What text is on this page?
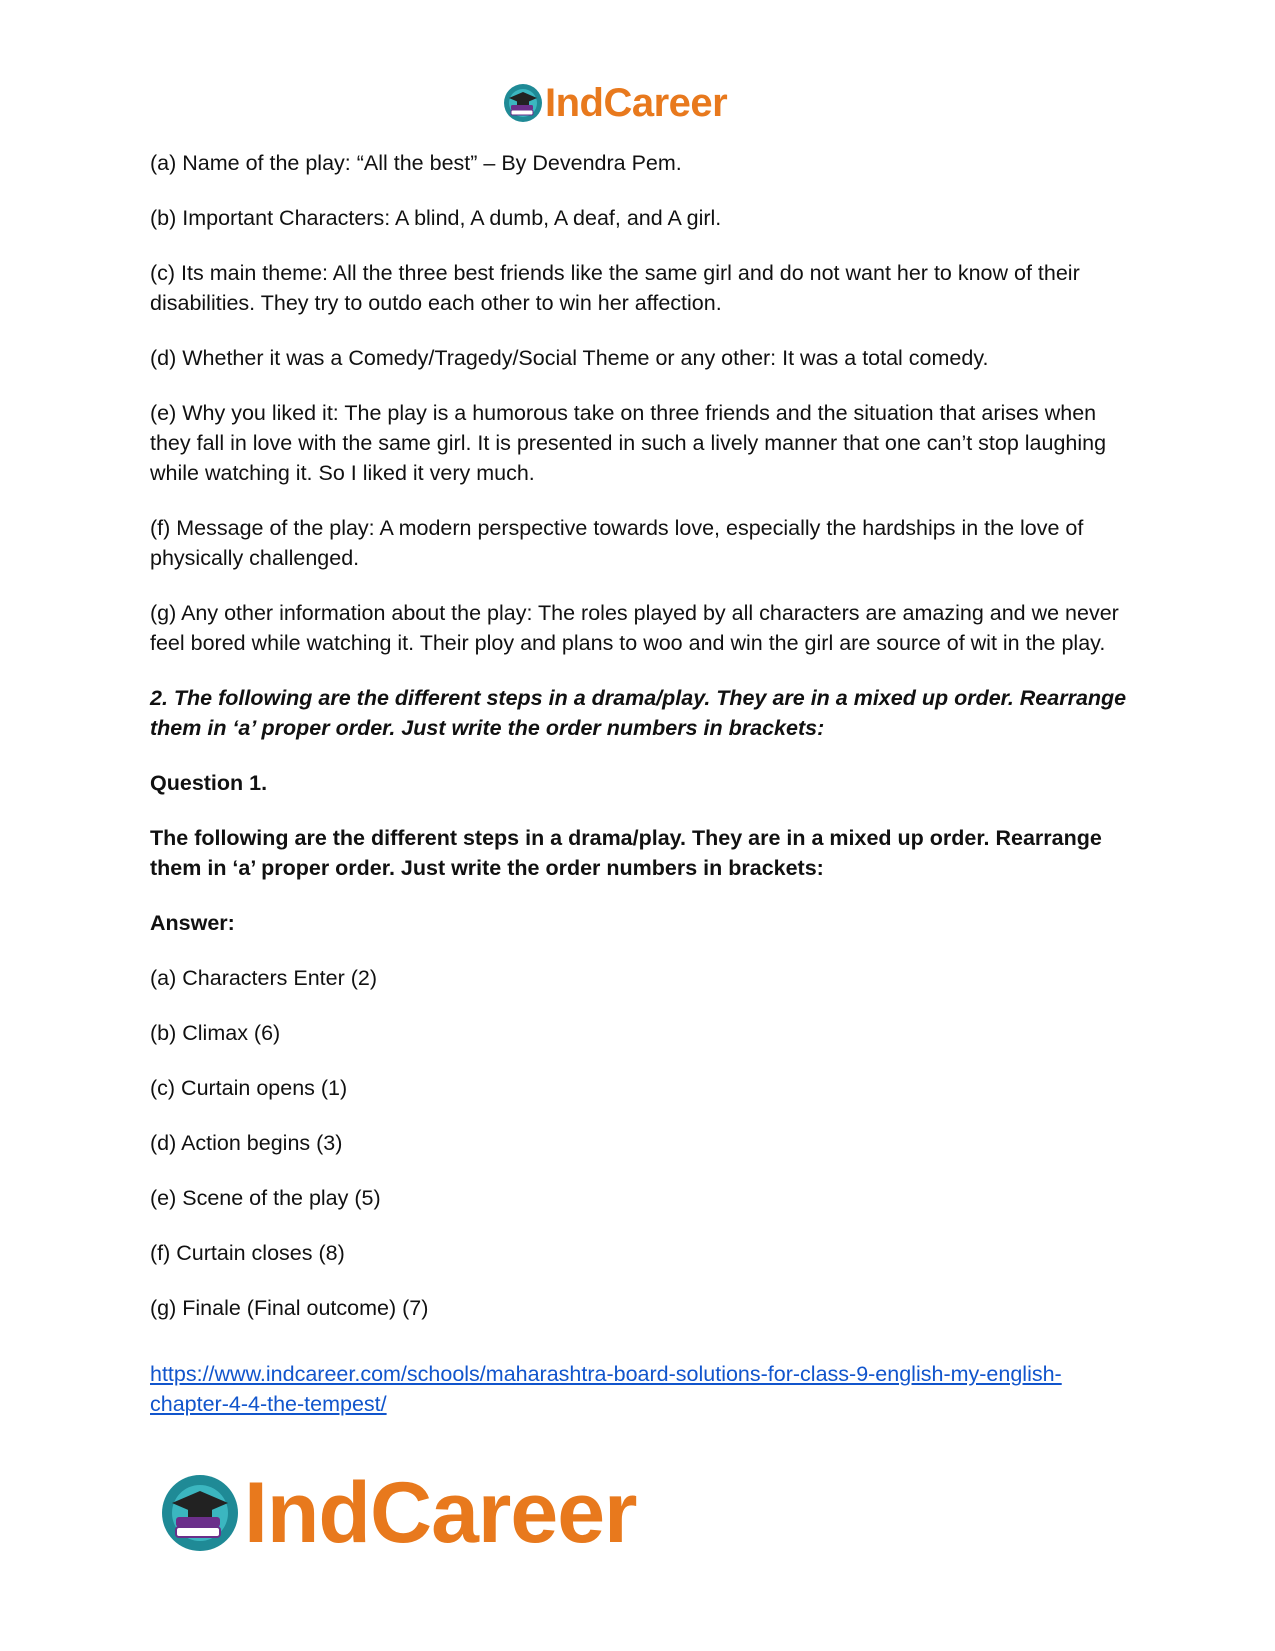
IndCareer

(a) Name of the play: “All the best” – By Devendra Pem.

(b) Important Characters: A blind, A dumb, A deaf, and A girl.

(c) Its main theme: All the three best friends like the same girl and do not want her to know of their disabilities. They try to outdo each other to win her affection.

(d) Whether it was a Comedy/Tragedy/Social Theme or any other: It was a total comedy.

(e) Why you liked it: The play is a humorous take on three friends and the situation that arises when they fall in love with the same girl. It is presented in such a lively manner that one can’t stop laughing while watching it. So I liked it very much.

(f) Message of the play: A modern perspective towards love, especially the hardships in the love of physically challenged.

(g) Any other information about the play: The roles played by all characters are amazing and we never feel bored while watching it. Their ploy and plans to woo and win the girl are source of wit in the play.

2. The following are the different steps in a drama/play. They are in a mixed up order. Rearrange them in ‘a’ proper order. Just write the order numbers in brackets:

Question 1.

The following are the different steps in a drama/play. They are in a mixed up order. Rearrange them in ‘a’ proper order. Just write the order numbers in brackets:

Answer:

(a) Characters Enter (2)

(b) Climax (6)

(c) Curtain opens (1)

(d) Action begins (3)

(e) Scene of the play (5)

(f) Curtain closes (8)

(g) Finale (Final outcome) (7)

https://www.indcareer.com/schools/maharashtra-board-solutions-for-class-9-english-my-english-chapter-4-4-the-tempest/

IndCareer
